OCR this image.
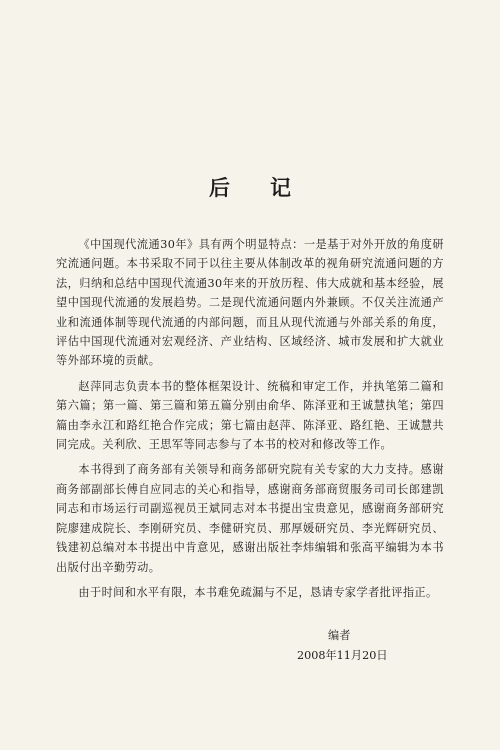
后记

《中国现代流通30年》具有两个明显特点：一是基于对外开放的角度研究流通问题。本书采取不同于以往主要从体制改革的视角研究流通问题的方法，归纳和总结中国现代流通30年来的开放历程、伟大成就和基本经验，展望中国现代流通的发展趋势。二是现代流通问题内外兼顾。不仅关注流通产业和流通体制等现代流通的内部问题，而且从现代流通与外部关系的角度，评估中国现代流通对宏观经济、产业结构、区域经济、城市发展和扩大就业等外部环境的贡献。

赵萍同志负责本书的整体框架设计、统稿和审定工作，并执笔第二篇和第六篇；第一篇、第三篇和第五篇分别由俞华、陈泽亚和王诚慧执笔；第四篇由李永江和路红艳合作完成；第七篇由赵萍、陈泽亚、路红艳、王诚慧共同完成。关利欣、王思军等同志参与了本书的校对和修改等工作。

本书得到了商务部有关领导和商务部研究院有关专家的大力支持。感谢商务部副部长傅自应同志的关心和指导，感谢商务部商贸服务司司长郎建凯同志和市场运行司副巡视员王斌同志对本书提出宝贵意见，感谢商务部研究院廖建成院长、李刚研究员、李健研究员、那厚媛研究员、李光辉研究员、钱建初总编对本书提出中肯意见，感谢出版社李炜编辑和张高平编辑为本书出版付出辛勤劳动。

由于时间和水平有限，本书难免疏漏与不足，恳请专家学者批评指正。

编者
2008年11月20日
